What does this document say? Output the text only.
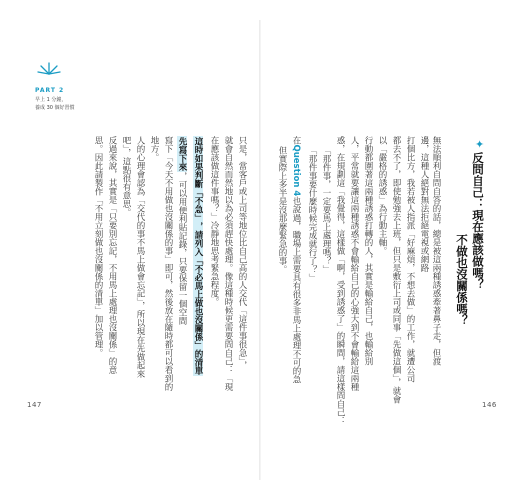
PART 2
早上 1 分鐘，
養成 30 個好習慣
147	146
✦
反問自己：現在應該做嗎？
不做也沒關係嗎？
無法順利自問自答的話，總是被這兩種誘惑牽著鼻子走，但渡
邊，這種人絕對無法拒絕電視或網路
打個比方，我若被人指派「好麻煩，不想去做」的工作，就遭公司
都去不了，即使勉強去上班，但只是敷衍上司或同事「先做這個」，就會
以「嚴格的誘惑」為行動主軸。
行動都圍著這兩種誘惑打轉的人，其實是輸給自己，也輸給別
人，平常就要讓這兩種誘惑不會輸給自己的心強大到不會輸給這兩種
惑，在規劃這「我覺得，這樣做「啊，受到誘惑了」的瞬間，請這樣問自己：
「那件事，一定要馬上處理嗎？」
「那件事要什麼時候完成就行了？」
在Question 4也說過，職場上需要具有很多非馬上處理不可的急
但實際上多半是沒那麼緊急的事。
只是，當客戶或上司等地位比自己高的人交代「這件事很急」，
就會自然而然地以為必須趕快處理。像這種時候更需要問自己：「現
在應該做這件事嗎？」冷靜地思考緊急程度。
這時如果判斷「不急」，請列入「不必馬上做也沒關係」的清單
先寫下來，可以用便利貼記錄，只要保留一個空間
寫下「今天不用做也沒關係的事」即可，然後放在隨時都可以看到的
地方。
人的心理會認為「交代的事不馬上做會忘記」，所以現在先做起來
吧」，這點很有意思。
反過來說，其實是「只要別忘記，不用馬上處理也沒關係」的意
思。因此請製作「不用立刻做也沒關係的清單」加以管理。
